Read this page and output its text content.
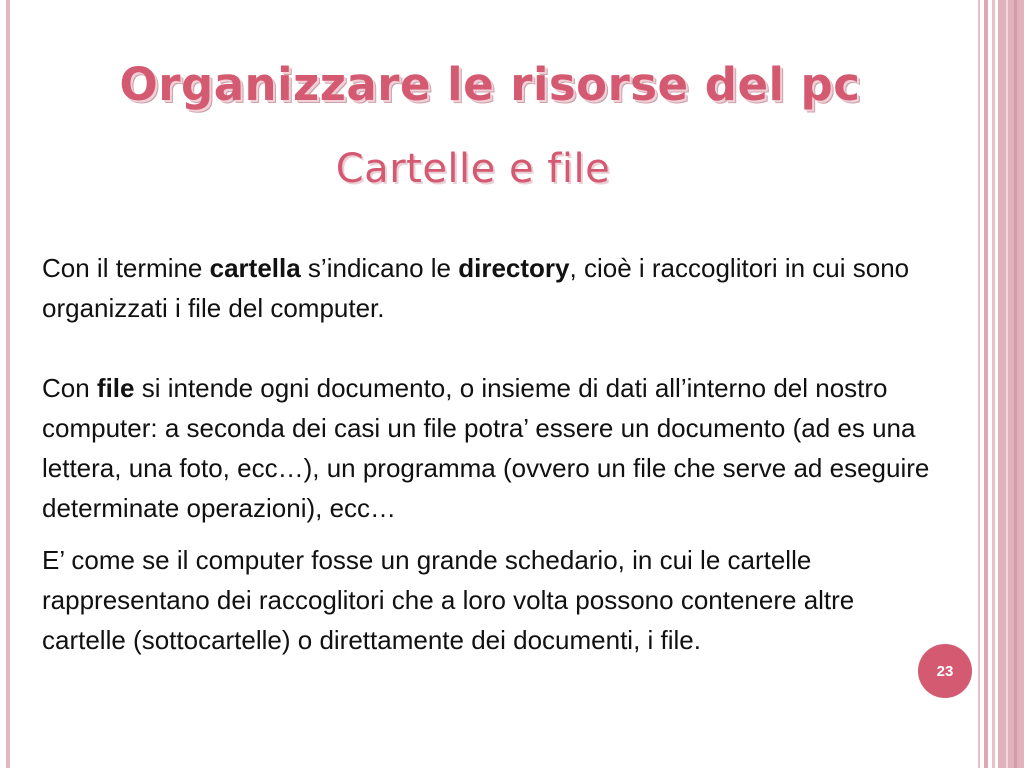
Organizzare le risorse del pc
Cartelle e file

Con il termine cartella s’indicano le directory, cioè i raccoglitori in cui sono organizzati i file del computer.

Con file si intende ogni documento, o insieme di dati all’interno del nostro computer: a seconda dei casi un file potra’ essere un documento (ad es una lettera, una foto, ecc…), un programma (ovvero un file che serve ad eseguire determinate operazioni), ecc…

E’ come se il computer fosse un grande schedario, in cui le cartelle rappresentano dei raccoglitori che a loro volta possono contenere altre cartelle (sottocartelle) o direttamente dei documenti, i file.

23
